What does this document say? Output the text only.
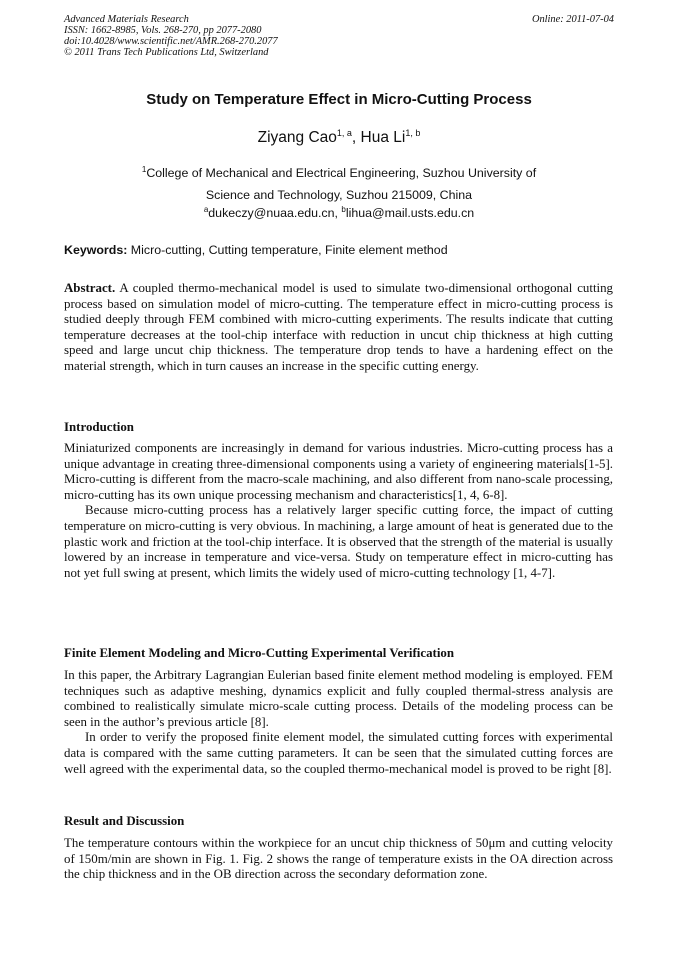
Advanced Materials Research
ISSN: 1662-8985, Vols. 268-270, pp 2077-2080
doi:10.4028/www.scientific.net/AMR.268-270.2077
© 2011 Trans Tech Publications Ltd, Switzerland
Online: 2011-07-04
Study on Temperature Effect in Micro-Cutting Process
Ziyang Cao$^{1, a}$, Hua Li$^{1, b}$
$^1$College of Mechanical and Electrical Engineering, Suzhou University of
Science and Technology, Suzhou 215009, China
$^a$dukeczy@nuaa.edu.cn, $^b$lihua@mail.usts.edu.cn
Keywords: Micro-cutting, Cutting temperature, Finite element method

Abstract. A coupled thermo-mechanical model is used to simulate two-dimensional orthogonal cutting process based on simulation model of micro-cutting. The temperature effect in micro-cutting process is studied deeply through FEM combined with micro-cutting experiments. The results indicate that cutting temperature decreases at the tool-chip interface with reduction in uncut chip thickness at high cutting speed and large uncut chip thickness. The temperature drop tends to have a hardening effect on the material strength, which in turn causes an increase in the specific cutting energy.

Introduction

Miniaturized components are increasingly in demand for various industries. Micro-cutting process has a unique advantage in creating three-dimensional components using a variety of engineering materials[1-5]. Micro-cutting is different from the macro-scale machining, and also different from nano-scale processing, micro-cutting has its own unique processing mechanism and characteristics[1, 4, 6-8].

Because micro-cutting process has a relatively larger specific cutting force, the impact of cutting temperature on micro-cutting is very obvious. In machining, a large amount of heat is generated due to the plastic work and friction at the tool-chip interface. It is observed that the strength of the material is usually lowered by an increase in temperature and vice-versa. Study on temperature effect in micro-cutting has not yet full swing at present, which limits the widely used of micro-cutting technology [1, 4-7].

Finite Element Modeling and Micro-Cutting Experimental Verification

In this paper, the Arbitrary Lagrangian Eulerian based finite element method modeling is employed. FEM techniques such as adaptive meshing, dynamics explicit and fully coupled thermal-stress analysis are combined to realistically simulate micro-scale cutting process. Details of the modeling process can be seen in the author’s previous article [8].

In order to verify the proposed finite element model, the simulated cutting forces with experimental data is compared with the same cutting parameters. It can be seen that the simulated cutting forces are well agreed with the experimental data, so the coupled thermo-mechanical model is proved to be right [8].

Result and Discussion

The temperature contours within the workpiece for an uncut chip thickness of 50μm and cutting velocity of 150m/min are shown in Fig. 1. Fig. 2 shows the range of temperature exists in the OA direction across the chip thickness and in the OB direction across the secondary deformation zone.
